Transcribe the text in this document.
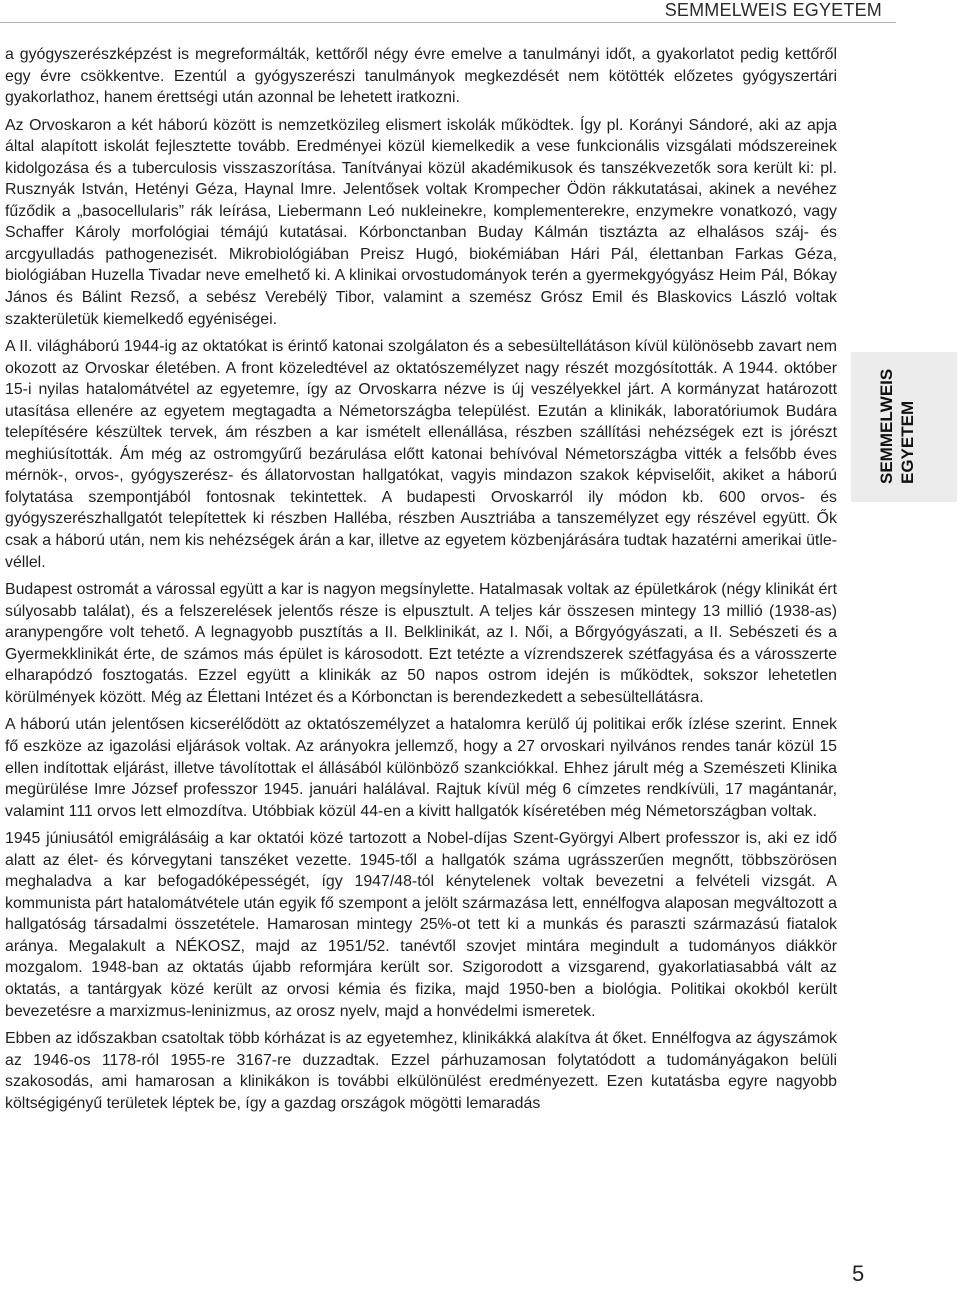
SEMMELWEIS EGYETEM

a gyógyszerészképzést is megreformálták, kettőről négy évre emelve a tanulmányi időt, a gyakorlatot pedig kettőről egy évre csökkentve. Ezentúl a gyógyszerészi tanulmányok megkezdését nem kötötték előzetes gyógyszertári gyakorlathoz, hanem érettségi után azonnal be lehetett iratkozni.

Az Orvoskaron a két háború között is nemzetközileg elismert iskolák működtek. Így pl. Korányi Sándoré, aki az apja által alapított iskolát fejlesztette tovább. Eredményei közül kiemelkedik a vese funkcionális vizsgálati módszereinek kidolgozása és a tuberculosis visszaszorítása. Tanítványai közül akadémikusok és tanszékvezetők sora került ki: pl. Rusznyák István, Hetényi Géza, Haynal Imre. Jelentősek voltak Krompecher Ödön rákkutatásai, akinek a nevéhez fűződik a „basocellularis” rák leírása, Liebermann Leó nukleinekre, komplementerekre, enzymekre vonatkozó, vagy Schaffer Károly morfológiai témájú kutatásai. Kórbonctanban Buday Kálmán tisztázta az elhalásos száj- és arcgyulladás pathogenezisét. Mikrobiológiában Preisz Hugó, biokémiában Hári Pál, élettanban Farkas Géza, biológiában Huzella Tivadar neve emelhető ki. A klinikai orvostudományok terén a gyermekgyógyász Heim Pál, Bókay János és Bálint Rezső, a sebész Verebélÿ Tibor, valamint a szemész Grósz Emil és Blaskovics László voltak szakterületük kiemelkedő egyéniségei.

A II. világháború 1944-ig az oktatókat is érintő katonai szolgálaton és a sebesültellátáson kívül különösebb zavart nem okozott az Orvoskar életében. A front közeledtével az oktatószemélyzet nagy részét mozgósították. A 1944. október 15-i nyilas hatalomátvétel az egyetemre, így az Orvoskarra nézve is új veszélyekkel járt. A kormányzat határozott utasítása ellenére az egyetem megtagadta a Németországba települést. Ezután a klinikák, laboratóriumok Budára telepítésére készültek tervek, ám részben a kar ismételt ellenállása, részben szállítási nehézségek ezt is jórészt meghiúsították. Ám még az ostromgyűrű bezárulása előtt katonai behívóval Németországba vitték a felsőbb éves mérnök-, orvos-, gyógyszerész- és állatorvostan hallgatókat, vagyis mindazon szakok képviselőit, akiket a háború folytatása szempontjából fontosnak tekintettek. A budapesti Orvoskarról ily módon kb. 600 orvos- és gyógyszerészhallgatót telepítettek ki részben Halléba, részben Ausztriába a tanszemélyzet egy részével együtt. Ők csak a háború után, nem kis nehézségek árán a kar, illetve az egyetem közbenjárására tudtak hazatérni amerikai ütlevéllel.

Budapest ostromát a várossal együtt a kar is nagyon megsínylette. Hatalmasak voltak az épületkárok (négy klinikát ért súlyosabb találat), és a felszerelések jelentős része is elpusztult. A teljes kár összesen mintegy 13 millió (1938-as) aranypengőre volt tehető. A legnagyobb pusztítás a II. Belklinikát, az I. Női, a Bőrgyógyászati, a II. Sebészeti és a Gyermekklinikát érte, de számos más épület is károsodott. Ezt tetézte a vízrendszerek szétfagyása és a városszerte elharapódzó fosztogatás. Ezzel együtt a klinikák az 50 napos ostrom idején is működtek, sokszor lehetetlen körülmények között. Még az Élettani Intézet és a Kórbonctan is berendezkedett a sebesültellátásra.

A háború után jelentősen kicserélődött az oktatószemélyzet a hatalomra kerülő új politikai erők ízlése szerint. Ennek fő eszköze az igazolási eljárások voltak. Az arányokra jellemző, hogy a 27 orvoskari nyilvános rendes tanár közül 15 ellen indítottak eljárást, illetve távolítottak el állásából különböző szankciókkal. Ehhez járult még a Szemészeti Klinika megürülése Imre József professzor 1945. januári halálával. Rajtuk kívül még 6 címzetes rendkívüli, 17 magántanár, valamint 111 orvos lett elmozdítva. Utóbbiak közül 44-en a kivitt hallgatók kíséretében még Németországban voltak.

1945 júniusától emigrálásáig a kar oktatói közé tartozott a Nobel-díjas Szent-Györgyi Albert professzor is, aki ez idő alatt az élet- és kórvegytani tanszéket vezette. 1945-től a hallgatók száma ugrásszerűen megnőtt, többszörösen meghaladva a kar befogadóképességét, így 1947/48-tól kénytelenek voltak bevezetni a felvételi vizsgát. A kommunista párt hatalomátvétele után egyik fő szempont a jelölt származása lett, ennélfogva alaposan megváltozott a hallgatóság társadalmi összetétele. Hamarosan mintegy 25%-ot tett ki a munkás és paraszti származású fiatalok aránya. Megalakult a NÉKOSZ, majd az 1951/52. tanévtől szovjet mintára megindult a tudományos diákkör mozgalom. 1948-ban az oktatás újabb reformjára került sor. Szigorodott a vizsgarend, gyakorlatiasabbá vált az oktatás, a tantárgyak közé került az orvosi kémia és fizika, majd 1950-ben a biológia. Politikai okokból került bevezetésre a marxizmus-leninizmus, az orosz nyelv, majd a honvédelmi ismeretek.

Ebben az időszakban csatoltak több kórházat is az egyetemhez, klinikákká alakítva át őket. Ennélfogva az ágyszámok az 1946-os 1178-ról 1955-re 3167-re duzzadtak. Ezzel párhuzamosan folytatódott a tudományágakon belüli szakosodás, ami hamarosan a klinikákon is további elkülönülést eredményezett. Ezen kutatásba egyre nagyobb költségigényű területek léptek be, így a gazdag országok mögötti lemaradás

SEMMELWEIS EGYETEM
5
